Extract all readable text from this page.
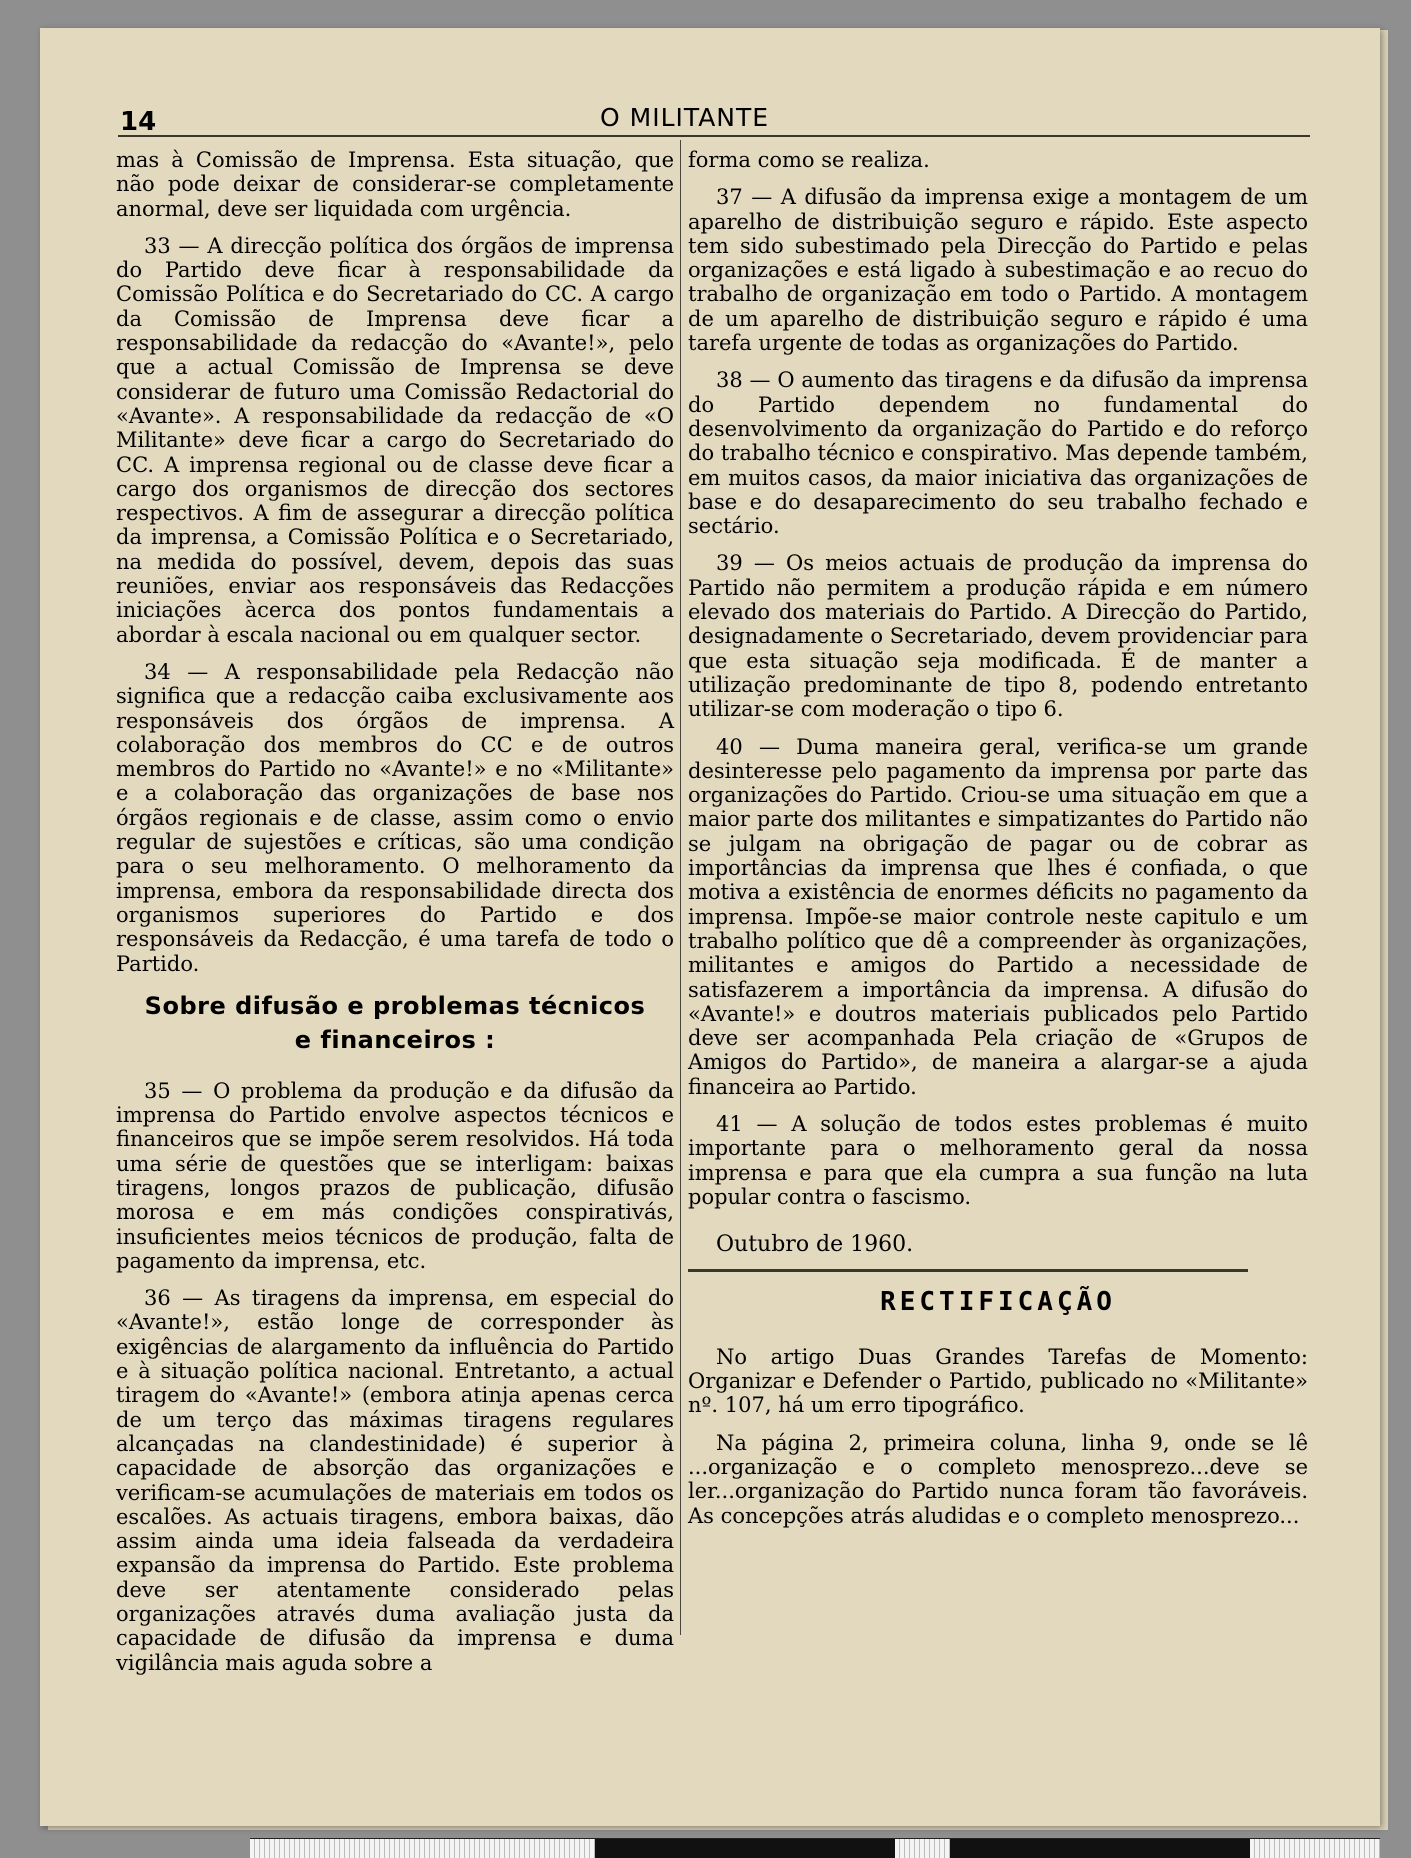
14	O MILITANTE

mas à Comissão de Imprensa. Esta situação, que não pode deixar de considerar-se completamente anormal, deve ser liquidada com urgência.

33 — A direcção política dos órgãos de imprensa do Partido deve ficar à responsabilidade da Comissão Política e do Secretariado do CC. A cargo da Comissão de Imprensa deve ficar a responsabilidade da redacção do «Avante!», pelo que a actual Comissão de Imprensa se deve considerar de futuro uma Comissão Redactorial do «Avante». A responsabilidade da redacção de «O Militante» deve ficar a cargo do Secretariado do CC. A imprensa regional ou de classe deve ficar a cargo dos organismos de direcção dos sectores respectivos. A fim de assegurar a direcção política da imprensa, a Comissão Política e o Secretariado, na medida do possível, devem, depois das suas reuniões, enviar aos responsáveis das Redacções iniciações àcerca dos pontos fundamentais a abordar à escala nacional ou em qualquer sector.

34 — A responsabilidade pela Redacção não significa que a redacção caiba exclusivamente aos responsáveis dos órgãos de imprensa. A colaboração dos membros do CC e de outros membros do Partido no «Avante!» e no «Militante» e a colaboração das organizações de base nos órgãos regionais e de classe, assim como o envio regular de sujestões e críticas, são uma condição para o seu melhoramento. O melhoramento da imprensa, embora da responsabilidade directa dos organismos superiores do Partido e dos responsáveis da Redacção, é uma tarefa de todo o Partido.

Sobre difusão e problemas técnicos
e financeiros :

35 — O problema da produção e da difusão da imprensa do Partido envolve aspectos técnicos e financeiros que se impõe serem resolvidos. Há toda uma série de questões que se interligam: baixas tiragens, longos prazos de publicação, difusão morosa e em más condições conspirativás, insuficientes meios técnicos de produção, falta de pagamento da imprensa, etc.

36 — As tiragens da imprensa, em especial do «Avante!», estão longe de corresponder às exigências de alargamento da influência do Partido e à situação política nacional. Entretanto, a actual tiragem do «Avante!» (embora atinja apenas cerca de um terço das máximas tiragens regulares alcançadas na clandestinidade) é superior à capacidade de absorção das organizações e verificam-se acumulações de materiais em todos os escalões. As actuais tiragens, embora baixas, dão assim ainda uma ideia falseada da verdadeira expansão da imprensa do Partido. Este problema deve ser atentamente considerado pelas organizações através duma avaliação justa da capacidade de difusão da imprensa e duma vigilância mais aguda sobre a

forma como se realiza.

37 — A difusão da imprensa exige a montagem de um aparelho de distribuição seguro e rápido. Este aspecto tem sido subestimado pela Direcção do Partido e pelas organizações e está ligado à subestimação e ao recuo do trabalho de organização em todo o Partido. A montagem de um aparelho de distribuição seguro e rápido é uma tarefa urgente de todas as organizações do Partido.

38 — O aumento das tiragens e da difusão da imprensa do Partido dependem no fundamental do desenvolvimento da organização do Partido e do reforço do trabalho técnico e conspirativo. Mas depende também, em muitos casos, da maior iniciativa das organizações de base e do desaparecimento do seu trabalho fechado e sectário.

39 — Os meios actuais de produção da imprensa do Partido não permitem a produção rápida e em número elevado dos materiais do Partido. A Direcção do Partido, designadamente o Secretariado, devem providenciar para que esta situação seja modificada. É de manter a utilização predominante de tipo 8, podendo entretanto utilizar-se com moderação o tipo 6.

40 — Duma maneira geral, verifica-se um grande desinteresse pelo pagamento da imprensa por parte das organizações do Partido. Criou-se uma situação em que a maior parte dos militantes e simpatizantes do Partido não se julgam na obrigação de pagar ou de cobrar as importâncias da imprensa que lhes é confiada, o que motiva a existência de enormes déficits no pagamento da imprensa. Impõe-se maior controle neste capitulo e um trabalho político que dê a compreender às organizações, militantes e amigos do Partido a necessidade de satisfazerem a importância da imprensa. A difusão do «Avante!» e doutros materiais publicados pelo Partido deve ser acompanhada Pela criação de «Grupos de Amigos do Partido», de maneira a alargar-se a ajuda financeira ao Partido.

41 — A solução de todos estes problemas é muito importante para o melhoramento geral da nossa imprensa e para que ela cumpra a sua função na luta popular contra o fascismo.

Outubro de 1960.
RECTIFICAÇÃO

No artigo Duas Grandes Tarefas de Momento: Organizar e Defender o Partido, publicado no «Militante» nº. 107, há um erro tipográfico.

Na página 2, primeira coluna, linha 9, onde se lê ...organização e o completo menosprezo...deve se ler...organização do Partido nunca foram tão favoráveis. As concepções atrás aludidas e o completo menosprezo...
